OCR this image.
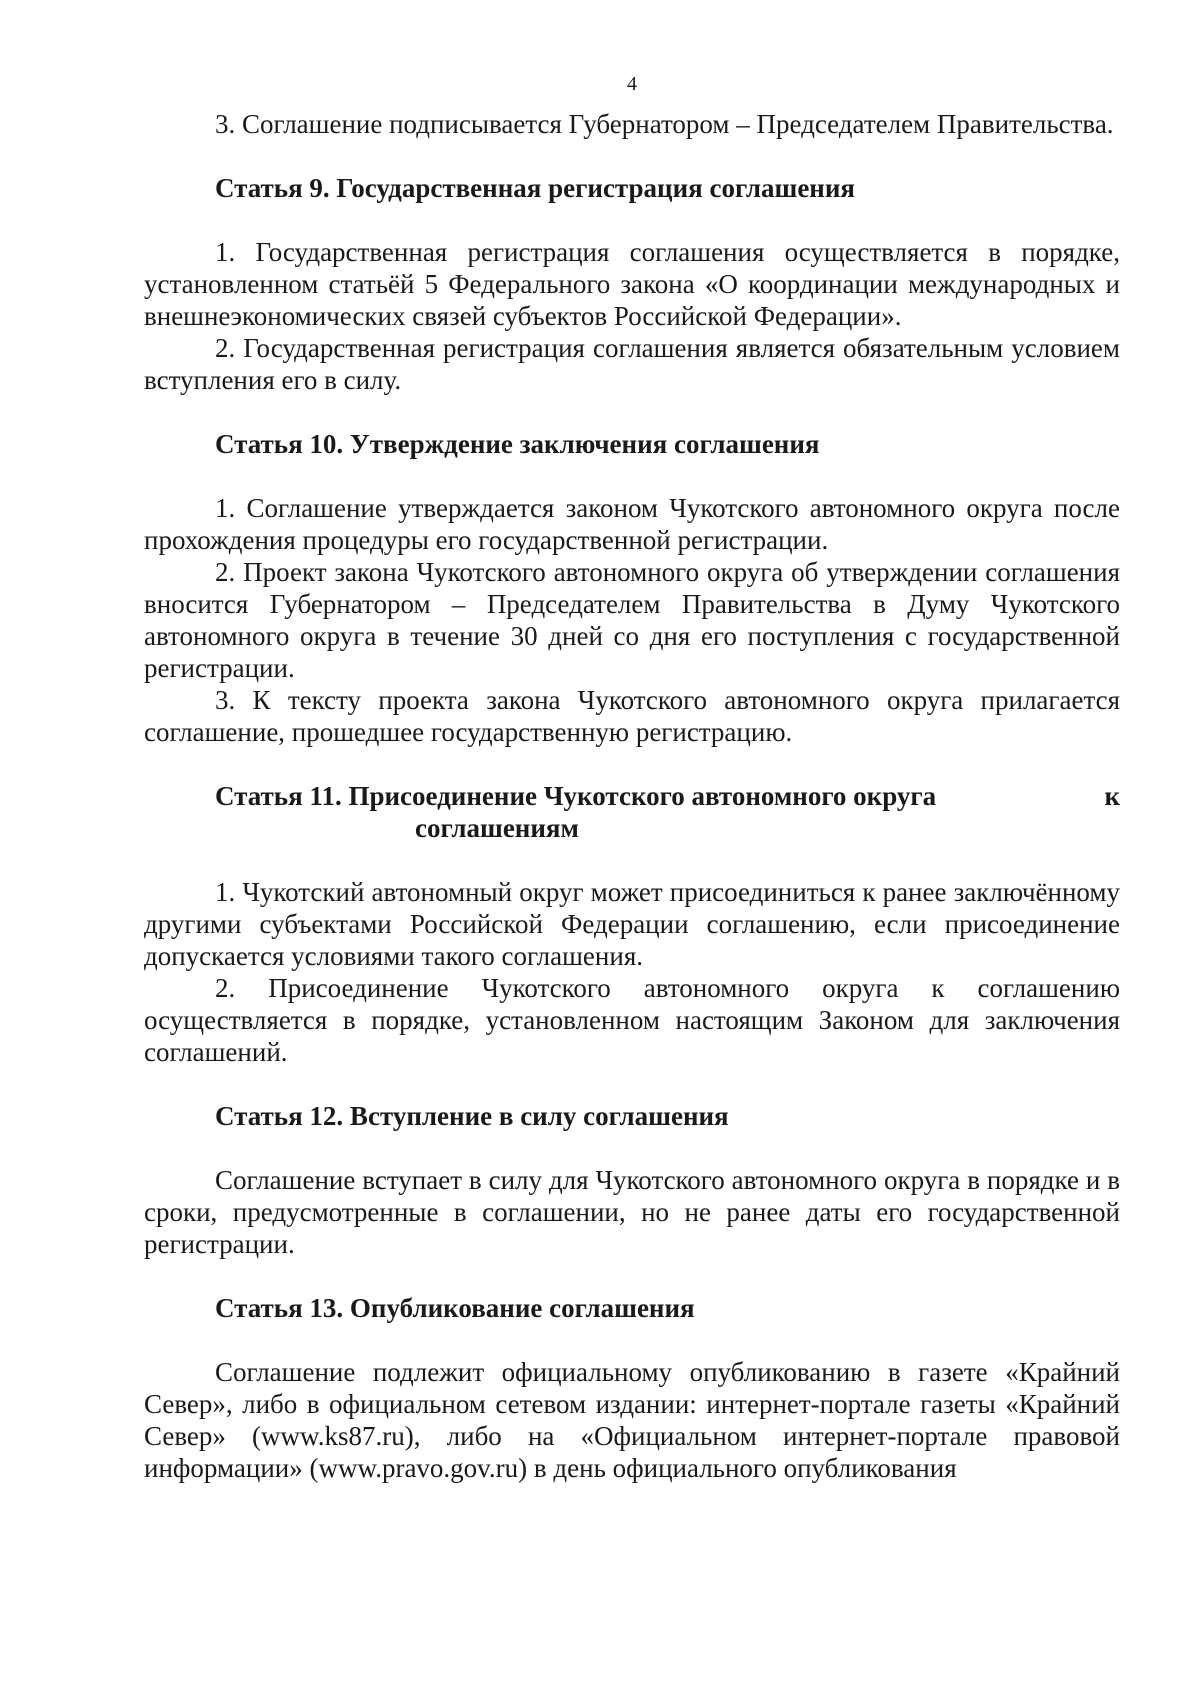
4

3. Соглашение подписывается Губернатором – Председателем Правительства.

Статья 9. Государственная регистрация соглашения

1. Государственная регистрация соглашения осуществляется в порядке, установленном статьёй 5 Федерального закона «О координации международных и внешнеэкономических связей субъектов Российской Федерации».

2. Государственная регистрация соглашения является обязательным условием вступления его в силу.

Статья 10. Утверждение заключения соглашения

1. Соглашение утверждается законом Чукотского автономного округа после прохождения процедуры его государственной регистрации.

2. Проект закона Чукотского автономного округа об утверждении соглашения вносится Губернатором – Председателем Правительства в Думу Чукотского автономного округа в течение 30 дней со дня его поступления с государственной регистрации.

3. К тексту проекта закона Чукотского автономного округа прилагается соглашение, прошедшее государственную регистрацию.

Статья 11. Присоединение Чукотского автономного округа	к
соглашениям

1. Чукотский автономный округ может присоединиться к ранее заключённому другими субъектами Российской Федерации соглашению, если присоединение допускается условиями такого соглашения.

2. Присоединение Чукотского автономного округа к соглашению осуществляется в порядке, установленном настоящим Законом для заключения соглашений.

Статья 12. Вступление в силу соглашения

Соглашение вступает в силу для Чукотского автономного округа в порядке и в сроки, предусмотренные в соглашении, но не ранее даты его государственной регистрации.

Статья 13. Опубликование соглашения

Соглашение подлежит официальному опубликованию в газете «Крайний Север», либо в официальном сетевом издании: интернет-портале газеты «Крайний Север» (www.ks87.ru), либо на «Официальном интернет-портале правовой информации» (www.pravo.gov.ru) в день официального опубликования
